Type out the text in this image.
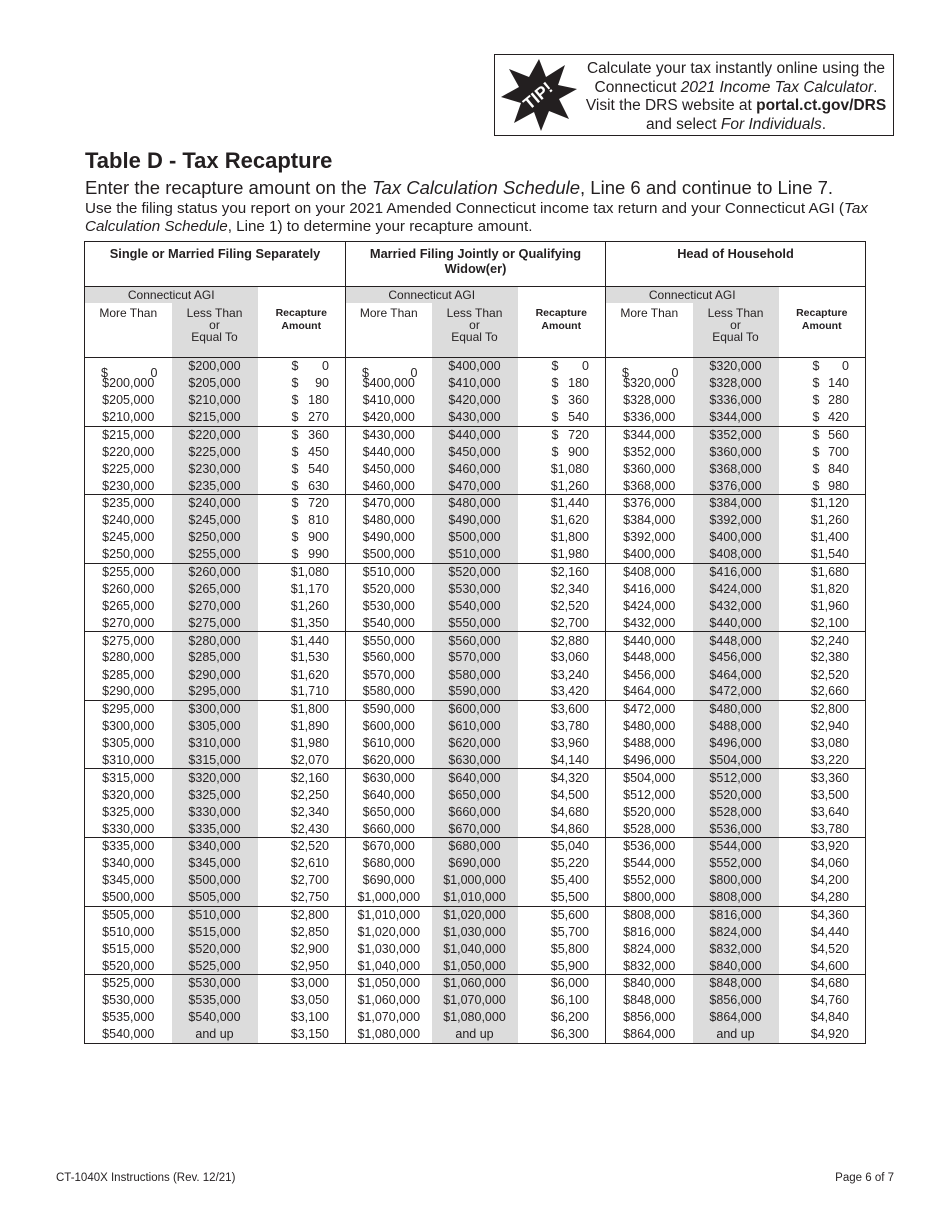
TIP!
Calculate your tax instantly online using the
Connecticut 2021 Income Tax Calculator.
Visit the DRS website at portal.ct.gov/DRS
and select For Individuals.
Table D - Tax Recapture
Enter the recapture amount on the Tax Calculation Schedule, Line 6 and continue to Line 7.
Use the filing status you report on your 2021 Amended Connecticut income tax return and your Connecticut AGI (Tax Calculation Schedule, Line 1) to determine your recapture amount.
Single or Married Filing Separately			Married Filing Jointly or Qualifying Widow(er)			Head of Household		
Connecticut AGI		Recapture
Amount	Connecticut AGI		Recapture
Amount	Connecticut AGI		Recapture
Amount
More Than	Less Than
or
Equal To		More Than	Less Than
or
Equal To		More Than	Less Than
or
Equal To	

$ 0	$200,000	$ 0	$ 0	$400,000	$ 0	$ 0	$320,000	$ 0
$200,000	$205,000	$ 90	$400,000	$410,000	$ 180	$320,000	$328,000	$ 140
$205,000	$210,000	$ 180	$410,000	$420,000	$ 360	$328,000	$336,000	$ 280
$210,000	$215,000	$ 270	$420,000	$430,000	$ 540	$336,000	$344,000	$ 420
$215,000	$220,000	$ 360	$430,000	$440,000	$ 720	$344,000	$352,000	$ 560
$220,000	$225,000	$ 450	$440,000	$450,000	$ 900	$352,000	$360,000	$ 700
$225,000	$230,000	$ 540	$450,000	$460,000	$1,080	$360,000	$368,000	$ 840
$230,000	$235,000	$ 630	$460,000	$470,000	$1,260	$368,000	$376,000	$ 980
$235,000	$240,000	$ 720	$470,000	$480,000	$1,440	$376,000	$384,000	$1,120
$240,000	$245,000	$ 810	$480,000	$490,000	$1,620	$384,000	$392,000	$1,260
$245,000	$250,000	$ 900	$490,000	$500,000	$1,800	$392,000	$400,000	$1,400
$250,000	$255,000	$ 990	$500,000	$510,000	$1,980	$400,000	$408,000	$1,540
$255,000	$260,000	$1,080	$510,000	$520,000	$2,160	$408,000	$416,000	$1,680
$260,000	$265,000	$1,170	$520,000	$530,000	$2,340	$416,000	$424,000	$1,820
$265,000	$270,000	$1,260	$530,000	$540,000	$2,520	$424,000	$432,000	$1,960
$270,000	$275,000	$1,350	$540,000	$550,000	$2,700	$432,000	$440,000	$2,100
$275,000	$280,000	$1,440	$550,000	$560,000	$2,880	$440,000	$448,000	$2,240
$280,000	$285,000	$1,530	$560,000	$570,000	$3,060	$448,000	$456,000	$2,380
$285,000	$290,000	$1,620	$570,000	$580,000	$3,240	$456,000	$464,000	$2,520
$290,000	$295,000	$1,710	$580,000	$590,000	$3,420	$464,000	$472,000	$2,660
$295,000	$300,000	$1,800	$590,000	$600,000	$3,600	$472,000	$480,000	$2,800
$300,000	$305,000	$1,890	$600,000	$610,000	$3,780	$480,000	$488,000	$2,940
$305,000	$310,000	$1,980	$610,000	$620,000	$3,960	$488,000	$496,000	$3,080
$310,000	$315,000	$2,070	$620,000	$630,000	$4,140	$496,000	$504,000	$3,220
$315,000	$320,000	$2,160	$630,000	$640,000	$4,320	$504,000	$512,000	$3,360
$320,000	$325,000	$2,250	$640,000	$650,000	$4,500	$512,000	$520,000	$3,500
$325,000	$330,000	$2,340	$650,000	$660,000	$4,680	$520,000	$528,000	$3,640
$330,000	$335,000	$2,430	$660,000	$670,000	$4,860	$528,000	$536,000	$3,780
$335,000	$340,000	$2,520	$670,000	$680,000	$5,040	$536,000	$544,000	$3,920
$340,000	$345,000	$2,610	$680,000	$690,000	$5,220	$544,000	$552,000	$4,060
$345,000	$500,000	$2,700	$690,000	$1,000,000	$5,400	$552,000	$800,000	$4,200
$500,000	$505,000	$2,750	$1,000,000	$1,010,000	$5,500	$800,000	$808,000	$4,280
$505,000	$510,000	$2,800	$1,010,000	$1,020,000	$5,600	$808,000	$816,000	$4,360
$510,000	$515,000	$2,850	$1,020,000	$1,030,000	$5,700	$816,000	$824,000	$4,440
$515,000	$520,000	$2,900	$1,030,000	$1,040,000	$5,800	$824,000	$832,000	$4,520
$520,000	$525,000	$2,950	$1,040,000	$1,050,000	$5,900	$832,000	$840,000	$4,600
$525,000	$530,000	$3,000	$1,050,000	$1,060,000	$6,000	$840,000	$848,000	$4,680
$530,000	$535,000	$3,050	$1,060,000	$1,070,000	$6,100	$848,000	$856,000	$4,760
$535,000	$540,000	$3,100	$1,070,000	$1,080,000	$6,200	$856,000	$864,000	$4,840
$540,000	and up	$3,150	$1,080,000	and up	$6,300	$864,000	and up	$4,920
CT-1040X Instructions (Rev. 12/21)	Page 6 of 7
